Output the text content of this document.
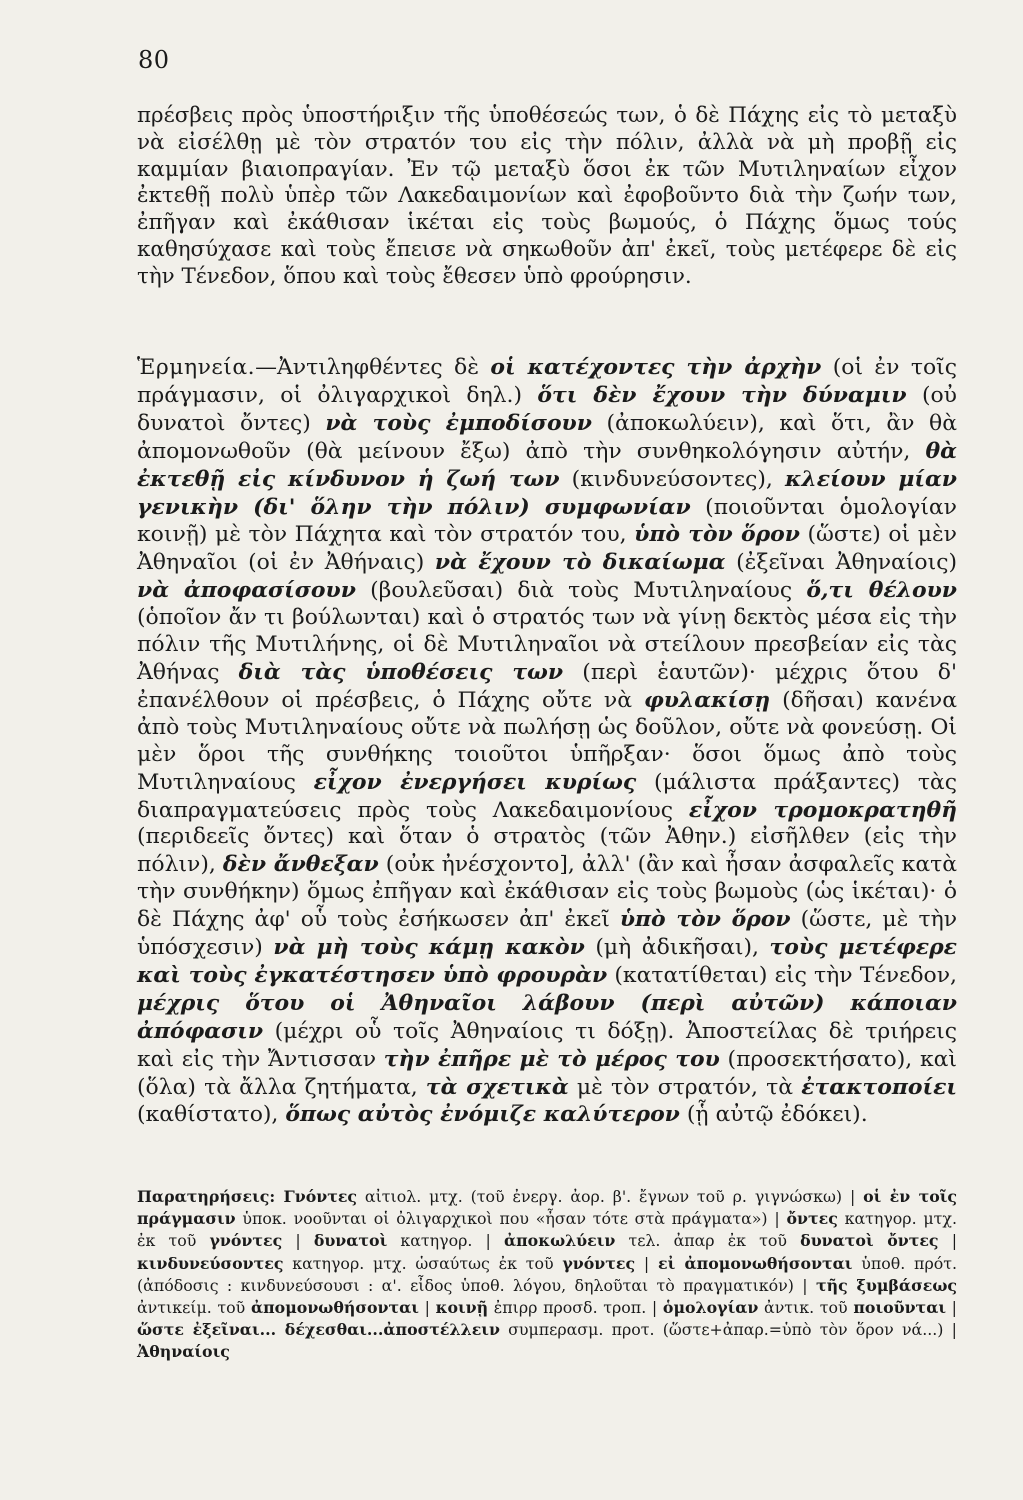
80

πρέσβεις πρὸς ὑποστήριξιν τῆς ὑποθέσεώς των, ὁ δὲ Πάχης εἰς τὸ μεταξὺ νὰ εἰσέλθῃ μὲ τὸν στρατόν του εἰς τὴν πόλιν, ἀλλὰ νὰ μὴ προβῇ εἰς καμμίαν βιαιοπραγίαν. Ἐν τῷ μεταξὺ ὅσοι ἐκ τῶν Μυτιληναίων εἶχον ἐκτεθῇ πολὺ ὑπὲρ τῶν Λακεδαιμονίων καὶ ἐφοβοῦντο διὰ τὴν ζωήν των, ἐπῆγαν καὶ ἐκάθισαν ἱκέται εἰς τοὺς βωμούς, ὁ Πάχης ὅμως τούς καθησύχασε καὶ τοὺς ἔπεισε νὰ σηκωθοῦν ἀπ' ἐκεῖ, τοὺς μετέφερε δὲ εἰς τὴν Τένεδον, ὅπου καὶ τοὺς ἔθεσεν ὑπὸ φρούρησιν.

Ἑρμηνεία.—Ἀντιληφθέντες δὲ οἱ κατέχοντες τὴν ἀρχὴν (οἱ ἐν τοῖς πράγμασιν, οἱ ὀλιγαρχικοὶ δηλ.) ὅτι δὲν ἔχουν τὴν δύναμιν (οὐ δυνατοὶ ὄντες) νὰ τοὺς ἐμποδίσουν (ἀποκωλύειν), καὶ ὅτι, ἂν θὰ ἀπομονωθοῦν (θὰ μείνουν ἔξω) ἀπὸ τὴν συνθηκολόγησιν αὐτήν, θὰ ἐκτεθῇ εἰς κίνδυνον ἡ ζωή των (κινδυνεύσοντες), κλείουν μίαν γενικὴν (δι' ὅλην τὴν πόλιν) συμφωνίαν (ποιοῦνται ὁμολογίαν κοινῇ) μὲ τὸν Πάχητα καὶ τὸν στρατόν του, ὑπὸ τὸν ὅρον (ὥστε) οἱ μὲν Ἀθηναῖοι (οἱ ἐν Ἀθήναις) νὰ ἔχουν τὸ δικαίωμα (ἐξεῖναι Ἀθηναίοις) νὰ ἀποφασίσουν (βουλεῦσαι) διὰ τοὺς Μυτιληναίους ὅ,τι θέλουν (ὁποῖον ἄν τι βούλωνται) καὶ ὁ στρατός των νὰ γίνῃ δεκτὸς μέσα εἰς τὴν πόλιν τῆς Μυτιλήνης, οἱ δὲ Μυτιληναῖοι νὰ στείλουν πρεσβείαν εἰς τὰς Ἀθήνας διὰ τὰς ὑποθέσεις των (περὶ ἑαυτῶν)· μέχρις ὅτου δ' ἐπανέλθουν οἱ πρέσβεις, ὁ Πάχης οὔτε νὰ φυλακίσῃ (δῆσαι) κανένα ἀπὸ τοὺς Μυτιληναίους οὔτε νὰ πωλήσῃ ὡς δοῦλον, οὔτε νὰ φονεύσῃ. Οἱ μὲν ὅροι τῆς συνθήκης τοιοῦτοι ὑπῆρξαν· ὅσοι ὅμως ἀπὸ τοὺς Μυτιληναίους εἶχον ἐνεργήσει κυρίως (μάλιστα πράξαντες) τὰς διαπραγματεύσεις πρὸς τοὺς Λακεδαιμονίους εἶχον τρομοκρατηθῆ (περιδεεῖς ὄντες) καὶ ὅταν ὁ στρατὸς (τῶν Ἀθην.) εἰσῆλθεν (εἰς τὴν πόλιν), δὲν ἄνθεξαν (οὐκ ἠνέσχοντο], ἀλλ' (ἂν καὶ ἦσαν ἀσφαλεῖς κατὰ τὴν συνθήκην) ὅμως ἐπῆγαν καὶ ἐκάθισαν εἰς τοὺς βωμοὺς (ὡς ἱκέται)· ὁ δὲ Πάχης ἀφ' οὗ τοὺς ἐσήκωσεν ἀπ' ἐκεῖ ὑπὸ τὸν ὅρον (ὥστε, μὲ τὴν ὑπόσχεσιν) νὰ μὴ τοὺς κάμῃ κακὸν (μὴ ἀδικῆσαι), τοὺς μετέφερε καὶ τοὺς ἐγκατέστησεν ὑπὸ φρουρὰν (κατατίθεται) εἰς τὴν Τένεδον, μέχρις ὅτου οἱ Ἀθηναῖοι λάβουν (περὶ αὐτῶν) κάποιαν ἀπόφασιν (μέχρι οὗ τοῖς Ἀθηναίοις τι δόξῃ). Ἀποστείλας δὲ τριήρεις καὶ εἰς τὴν Ἄντισσαν τὴν ἐπῆρε μὲ τὸ μέρος του (προσεκτήσατο), καὶ (ὅλα) τὰ ἄλλα ζητήματα, τὰ σχετικὰ μὲ τὸν στρατόν, τὰ ἐτακτοποίει (καθίστατο), ὅπως αὐτὸς ἐνόμιζε καλύτερον (ᾗ αὐτῷ ἐδόκει).

Παρατηρήσεις: Γνόντες αἰτιολ. μτχ. (τοῦ ἐνεργ. ἀορ. β'. ἔγνων τοῦ ρ. γιγνώσκω) | οἱ ἐν τοῖς πράγμασιν ὑποκ. νοοῦνται οἱ ὀλιγαρχικοὶ που «ἦσαν τότε στὰ πράγματα») | ὄντες κατηγορ. μτχ. ἐκ τοῦ γνόντες | δυνατοὶ κατηγορ. | ἀποκωλύειν τελ. ἀπαρ ἐκ τοῦ δυνατοὶ ὄντες | κινδυνεύσοντες κατηγορ. μτχ. ὡσαύτως ἐκ τοῦ γνόντες | εἰ ἀπομονωθήσονται ὑποθ. πρότ. (ἀπόδοσις : κινδυνεύσουσι : α'. εἶδος ὑποθ. λόγου, δηλοῦται τὸ πραγματικόν) | τῆς ξυμβάσεως ἀντικείμ. τοῦ ἀπομονωθήσονται | κοινῇ ἐπιρρ προσδ. τροπ. | ὁμολογίαν ἀντικ. τοῦ ποιοῦνται | ὥστε ἐξεῖναι... δέχεσθαι...ἀποστέλλειν συμπερασμ. προτ. (ὥστε+ἀπαρ.=ὑπὸ τὸν ὅρον νά...) | Ἀθηναίοις
